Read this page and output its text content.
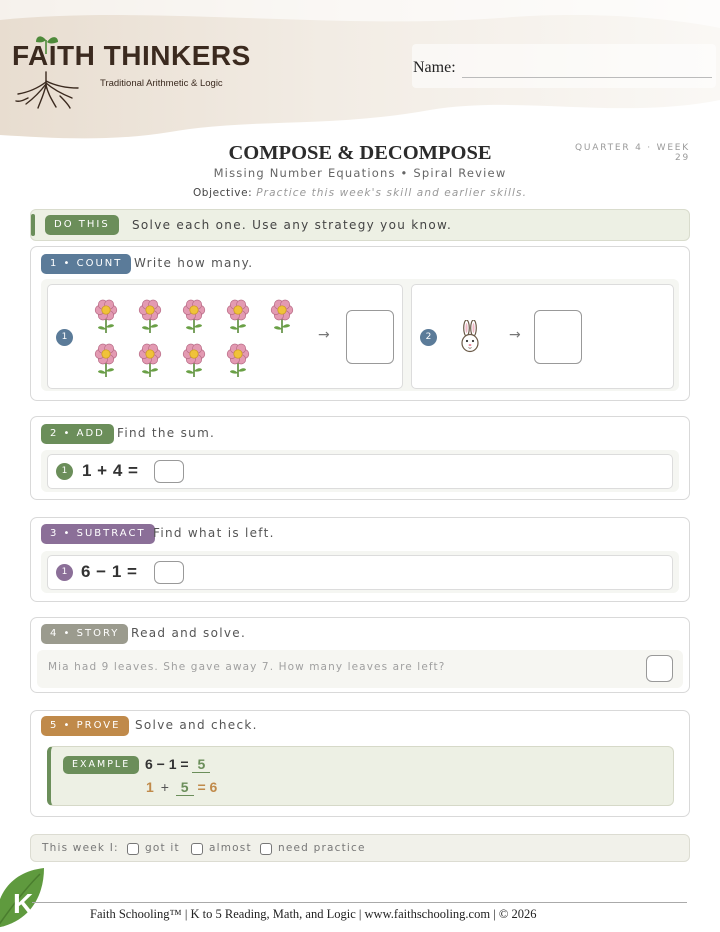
FAITH THINKERS
Traditional Arithmetic & Logic
Name:
QUARTER 4 · WEEK 29
COMPOSE & DECOMPOSE
Missing Number Equations • Spiral Review
Objective: Practice this week's skill and earlier skills.
DO THIS	Solve each one. Use any strategy you know.
1 • COUNT Write how many.
1	→	2	→
2 • ADD	Find the sum.
1 1 + 4 =
3 • SUBTRACT Find what is left.
1 6 − 1 =
4 • STORY Read and solve.
Mia had 9 leaves. She gave away 7. How many leaves are left?
5 • PROVE	Solve and check.
EXAMPLE	6 − 1 = 5
1 + 5 = 6
This week I: got it	almost need practice
K	Faith Schooling™ | K to 5 Reading, Math, and Logic | www.faithschooling.com | © 2026
